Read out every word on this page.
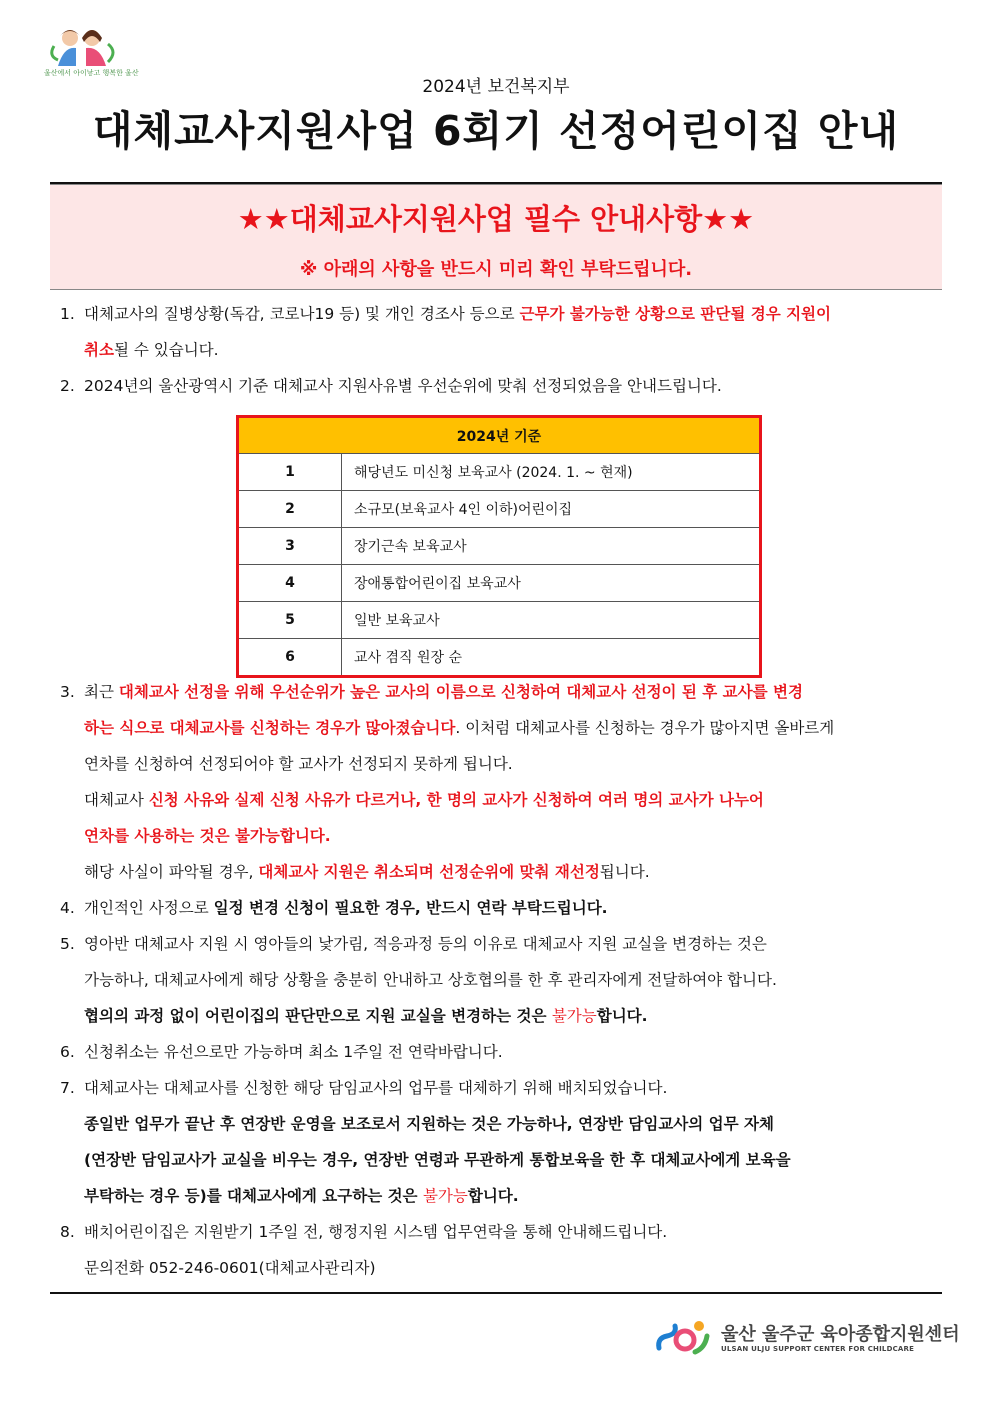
울산에서 아이낳고 행복한 울산
2024년 보건복지부
대체교사지원사업 6회기 선정어린이집 안내
★★대체교사지원사업 필수 안내사항★★
※ 아래의 사항을 반드시 미리 확인 부탁드립니다.
1. 대체교사의 질병상황(독감, 코로나19 등) 및 개인 경조사 등으로 근무가 불가능한 상황으로 판단될 경우 지원이
취소될 수 있습니다.
2. 2024년의 울산광역시 기준 대체교사 지원사유별 우선순위에 맞춰 선정되었음을 안내드립니다.
2024년 기준	
1	해당년도 미신청 보육교사 (2024. 1. ~ 현재)
2	소규모(보육교사 4인 이하)어린이집
3	장기근속 보육교사
4	장애통합어린이집 보육교사
5	일반 보육교사
6	교사 겸직 원장 순
3. 최근 대체교사 선정을 위해 우선순위가 높은 교사의 이름으로 신청하여 대체교사 선정이 된 후 교사를 변경
하는 식으로 대체교사를 신청하는 경우가 많아졌습니다. 이처럼 대체교사를 신청하는 경우가 많아지면 올바르게
연차를 신청하여 선정되어야 할 교사가 선정되지 못하게 됩니다.
대체교사 신청 사유와 실제 신청 사유가 다르거나, 한 명의 교사가 신청하여 여러 명의 교사가 나누어
연차를 사용하는 것은 불가능합니다.
해당 사실이 파악될 경우, 대체교사 지원은 취소되며 선정순위에 맞춰 재선정됩니다.
4. 개인적인 사정으로 일정 변경 신청이 필요한 경우, 반드시 연락 부탁드립니다.
5. 영아반 대체교사 지원 시 영아들의 낯가림, 적응과정 등의 이유로 대체교사 지원 교실을 변경하는 것은
가능하나, 대체교사에게 해당 상황을 충분히 안내하고 상호협의를 한 후 관리자에게 전달하여야 합니다.
협의의 과정 없이 어린이집의 판단만으로 지원 교실을 변경하는 것은 불가능합니다.
6. 신청취소는 유선으로만 가능하며 최소 1주일 전 연락바랍니다.
7. 대체교사는 대체교사를 신청한 해당 담임교사의 업무를 대체하기 위해 배치되었습니다.
종일반 업무가 끝난 후 연장반 운영을 보조로서 지원하는 것은 가능하나, 연장반 담임교사의 업무 자체
(연장반 담임교사가 교실을 비우는 경우, 연장반 연령과 무관하게 통합보육을 한 후 대체교사에게 보육을
부탁하는 경우 등)를 대체교사에게 요구하는 것은 불가능합니다.
8. 배치어린이집은 지원받기 1주일 전, 행정지원 시스템 업무연락을 통해 안내해드립니다.
문의전화 052-246-0601(대체교사관리자)
울산 울주군 육아종합지원센터
ULSAN ULJU SUPPORT CENTER FOR CHILDCARE
